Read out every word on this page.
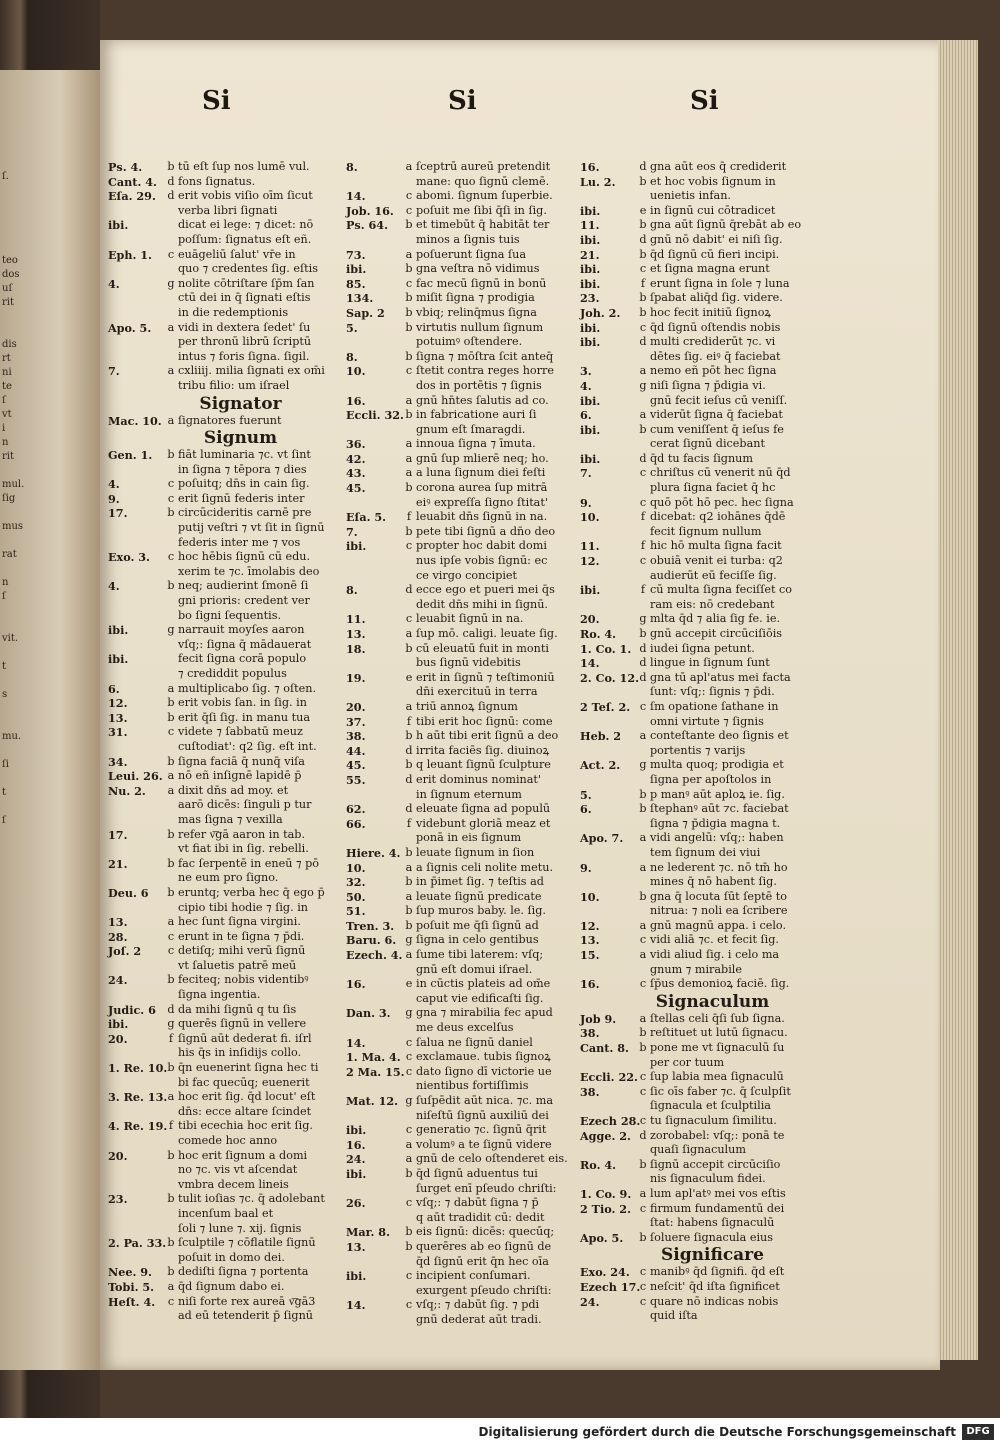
ſ.

teo
dos
uſ
rit

dis
rt
ni
te
ſ
vt
i
n
rit

mul.
ſig

mus

rat

n
ſ

vit.

t

s

mu.

ſi

t

ſ

Si	Si	Si
Ps. 4.	b tū eſt ſup nos lumē vul.
Cant. 4. d fons ſignatus.
Eſa. 29.	d erit vobis viſio oīm ſicut
verba libri ſignati
ibi.	dicat̄ ei lege: ⁊ dicet: nō
poſſum: ſignatus eſt eñ.
Eph. 1.	c euāgeliū ſalut' vr̄e in
quo ⁊ credentes ſig. eſtis
4.	g nolite cōtriſtare ſp̄m ſan
ctū dei in q̄ ſignati eſtis
in die redemptionis
Apo. 5.	a vidi in dextera ſedet' ſu
per thronū librū ſcriptū
intus ⁊ foris ſigna. ſigil.
7.	a cxliiij. milia ſignati ex om̄i
tribu filio: um iſrael
Signator
Mac. 10. a ſignatores fuerunt
Signum
Gen. 1.	b fiāt luminaria ⁊c. vt ſint
in ſigna ⁊ tēpora ⁊ dies
4.	c poſuitq; dn̄s in cain ſig.
9.	c erit ſignū federis inter
17.	b circūcideritis carnē pre
putij veſtri ⁊ vt ſit in ſignū
federis inter me ⁊ vos
Exo. 3.	c hoc hēbis ſignū cū edu.
xerim te ⁊c. īmolabis deo
4.	b neq; audierint ſmonē ſi
gni prioris: credent ver
bo ſigni ſequentis.
ibi.	g narrauit moyſes aaron
vſq;: ſigna q̄ mādauerat
ibi.	fecit ſigna corā populo
⁊ crediddit populus
6.	a multiplicabo ſig. ⁊ oſten.
12.	b erit vobis ſan. in ſig. in
13.	b erit q̄ſi ſig. in manu tua
31.	c videte ⁊ ſabbatū meuz
cuſtodiat': q2 ſig. eſt int.
34.	b ſigna faciā q̄ nunq̄ viſa
Leui. 26. a nō eñ inſignē lapidē p̄
Nu. 2.	a dixit dn̄s ad moy. et
aarō dicēs: ſinguli p tur
mas ſigna ⁊ vexilla
17.	b refer v͞gā aaron in tab.
vt fiat ibi in ſig. rebelli.
21.	b fac ſerpentē in eneū ⁊ pō
ne eum pro ſigno.
Deu. 6	b eruntq; verba hec q̄ ego p̄
cipio tibi hodie ⁊ ſig. in
13.	a hec ſunt ſigna virgini.
28.	c erunt in te ſigna ⁊ p̄di.
Joſ. 2	c detiſq; mihi verū ſignū
vt ſaluetis patrē meū
24.	b feciteq; nobis videntibꝰ
ſigna ingentia.
Judic. 6	d da mihi ſignū q tu ſis
ibi.	g querēs ſignū in vellere
20.	f ſignū aūt dederat fi. iſrl
his q̄s in inſidijs collo.
1. Re. 10. b q̄n euenerint ſigna hec ti
bi fac quecūq; euenerit
3. Re. 13. a hoc erit ſig. q̄d locut' eſt
dn̄s: ecce altare ſcindet
4. Re. 19. f tibi ecechia hoc erit ſig.
comede hoc anno
20.	b hoc erit ſignum a domi
no ⁊c. vis vt aſcendat
vmbra decem lineis
23.	b tulit ioſias ⁊c. q̄ adolebant
incenſum baal et
ſoli ⁊ lune ⁊. xij. ſignis
2. Pa. 33. b ſculptile ⁊ cōflatile ſignū
poſuit in domo dei.
Nee. 9.	b dediſti ſigna ⁊ portenta
Tobi. 5.	a q̄d ſignum dabo ei.
Heſt. 4.	c niſi forte rex aureā v͞gā3
ad eū tetenderit p̄ ſignū
8.	a ſceptrū aureū pretendit
mane: quo ſignū clemē.
14.	c abomi. ſignum ſuperbie.
Job. 16.	c poſuit me ſibi q̄ſi in ſig.
Ps. 64.	b et timebūt q̄ habitāt ter
minos a ſignis tuis
73.	a poſuerunt ſigna ſua
ibi.	b gna veſtra nō vidimus
85.	c fac mecū ſignū in bonū
134.	b miſit ſigna ⁊ prodigia
Sap. 2	b vbiq; relinq̄mus ſigna
5.	b virtutis nullum ſignum
potuimꝰ oſtendere.
8.	b ſigna ⁊ mōſtra ſcit anteq̄
10.	c ſtetit contra reges horre
dos in portētis ⁊ ſignis
16.	a gnū hn̄tes ſalutis ad co.
Eccli. 32. b in fabricatione auri ſi
gnum eſt ſmaragdi.
36.	a innoua ſigna ⁊ īmuta.
42.	a gnū ſup mlierē neq; ho.
43.	a a luna ſignum diei feſti
45.	b corona aurea ſup mitrā
eiꝰ expreſſa ſigno ſtitat'
Eſa. 5.	f leuabit dn̄s ſignū in na.
7.	b pete tibi ſignū a dn̄o deo
ibi.	c propter hoc dabit domi
nus ipſe vobis ſignū: ec
ce virgo concipiet
8.	d ecce ego et pueri mei q̄s
dedit dn̄s mihi in ſignū.
11.	c leuabit ſignū in na.
13.	a ſup mō. caligi. leuate ſig.
18.	b cū eleuatū fuit in monti
bus ſignū videbitis
19.	e erit in ſignū ⁊ teſtimoniū
dn̄i exercituū in terra
20.	a triū annoꝝ ſignum
37.	f tibi erit hoc ſignū: come
38.	b h̄ aūt tibi erit ſignū a deo
44.	d irrita faciēs ſig. diuinoꝝ
45.	b q leuant ſignū ſculpture
55.	d erit dominus nominat'
in ſignum eternum
62.	d eleuate ſigna ad populū
66.	f videbunt gloriā meaz et
ponā in eis ſignum
Hiere. 4. b leuate ſignum in ſion
10.	a a ſignis celi nolite metu.
32.	b in p̄imet ſig. ⁊ teſtis ad
50.	a leuate ſignū predicate
51.	b ſup muros baby. le. ſig.
Tren. 3.	b poſuit me q̄ſi ſignū ad
Baru. 6. g ſigna in celo gentibus
Ezech. 4. a ſume tibi laterem: vſq;
gnū eſt domui iſrael.
16.	e in cūctis plateis ad om̄e
caput vie edificaſti ſig.
Dan. 3.	g gna ⁊ mirabilia fec apud
me deus excelſus
14.	c ſalua ne ſignū daniel
1. Ma. 4. c exclamaue. tubis ſignoꝝ
2 Ma. 15. c dato ſigno dī victorie ue
nientibus fortiſſimis
Mat. 12. g ſuſpēdit aūt nica. ⁊c. ma
niſeſtū ſignū auxiliū dei
ibi.	c generatio ⁊c. ſignū q̄rit
16.	a volumꝰ a te ſignū videre
24.	a gnū de celo oſtenderet eis.
ibi.	b q̄d ſignū aduentus tui
ſurget enī pſeudo chriſti:
26.	c vſq;: ⁊ dabūt ſigna ⁊ p̄
q aūt tradidit cū: dedit
Mar. 8.	b eis ſignū: dicēs: quecūq;
13.	b querēres ab eo ſignū de
q̄d ſignū erit q̄n hec oīa
ibi.	c incipient conſumari.
exurgent pſeudo chriſti:
14.	c vſq;: ⁊ dabūt ſig. ⁊ pdi
gnū dederat aūt tradi.
16.	d gna aūt eos q̄ crediderit
Lu. 2.	b et hoc vobis ſignum in
uenietis infan.
ibi.	e in ſignū cui cōtradicet
11.	b gna aūt ſignū q̄rebāt ab eo
ibi.	d gnū nō dabit' ei niſi ſig.
21.	b q̄d ſignū cū fieri incipi.
ibi.	c et ſigna magna erunt
ibi.	f erunt ſigna in ſole ⁊ luna
23.	b ſpabat aliq̄d ſig. videre.
Joh. 2.	b hoc fecit initiū ſignoꝝ
ibi.	c q̄d ſignū oſtendis nobis
ibi.	d multi crediderūt ⁊c. vi
dētes ſig. eiꝰ q̄ faciebat
3.	a nemo eñ pōt hec ſigna
4.	g niſi ſigna ⁊ p̄digia vi.
ibi.	gnū fecit ieſus cū veniſſ.
6.	a viderūt ſigna q̄ faciebat
ibi.	b cum veniſſent q̄ ieſus fe
cerat ſignū dicebant
ibi.	d q̄d tu facis ſignum
7.	c chriſtus cū venerit nū q̄d
plura ſigna faciet q̄ h̄c
9.	c quō pōt hō pec. hec ſigna
10.	f dicebat: q2 iohānes q̄dē
fecit ſignum nullum
11.	f hic hō multa ſigna facit
12.	c obuiā venit ei turba: q2
audierūt eū feciſſe ſig.
ibi.	f cū multa ſigna feciſſet co
ram eis: nō credebant
20.	g mlta q̄d ⁊ alia ſig fe. ie.
Ro. 4.	b gnū accepit circūciſiōis
1. Co. 1. d iudei ſigna petunt.
14.	d lingue in ſignum ſunt
2. Co. 12. d gna tū apl'atus mei facta
ſunt: vſq;: ſignis ⁊ p̄di.
2 Teſ. 2. c ſm opatione ſathane in
omni virtute ⁊ ſignis
Heb. 2	a conteſtante deo ſignis et
portentis ⁊ varijs
Act. 2.	g multa quoq; prodigia et
ſigna per apoſtolos in
5.	b p manꝰ aūt aploꝝ ie. ſig.
6.	b ſtephanꝰ aūt ⁊c. faciebat
ſigna ⁊ p̄digia magna t.
Apo. 7.	a vidi angelū: vſq;: haben
tem ſignum dei viui
9.	a ne lederent ⁊c. nō tm̄ ho
mines q̄ nō habent ſig.
10.	b gna q̄ locuta ſūt ſeptē to
nitrua: ⁊ noli ea ſcribere
12.	a gnū magnū appa. i celo.
13.	c vidi aliā ⁊c. et fecit ſig.
15.	a vidi aliud ſig. i celo ma
gnum ⁊ mirabile
16.	c ſp̄us demonioꝝ faciē. ſig.
Signaculum
Job 9.	a ſtellas celi q̄ſi ſub ſigna.
38.	b reſtituet ut lutū ſignacu.
Cant. 8. b pone me vt ſignaculū ſu
per cor tuum
Eccli. 22. c ſup labia mea ſignaculū
38.	c ſic oīs faber ⁊c. q̄ ſculpſit
ſignacula et ſculptilia
Ezech 28. c tu ſignaculum ſimilitu.
Agge. 2. d zorobabel: vſq;: ponā te
quaſi ſignaculum
Ro. 4.	b ſignū accepit circūciſio
nis ſignaculum fidei.
1. Co. 9. a lum apl'atꝰ mei vos eſtis
2 Tio. 2. c firmum fundamentū dei
ſtat: habens ſignaculū
Apo. 5.	b ſoluere ſignacula eius
Significare
Exo. 24. c manibꝰ q̄d ſignifi. q̄d eſt
Ezech 17. c neſcit' q̄d iſta ſignificet
24.	c quare nō indicas nobis
quid iſta
Digitalisierung gefördert durch die Deutsche Forschungsgemeinschaft	DFG
